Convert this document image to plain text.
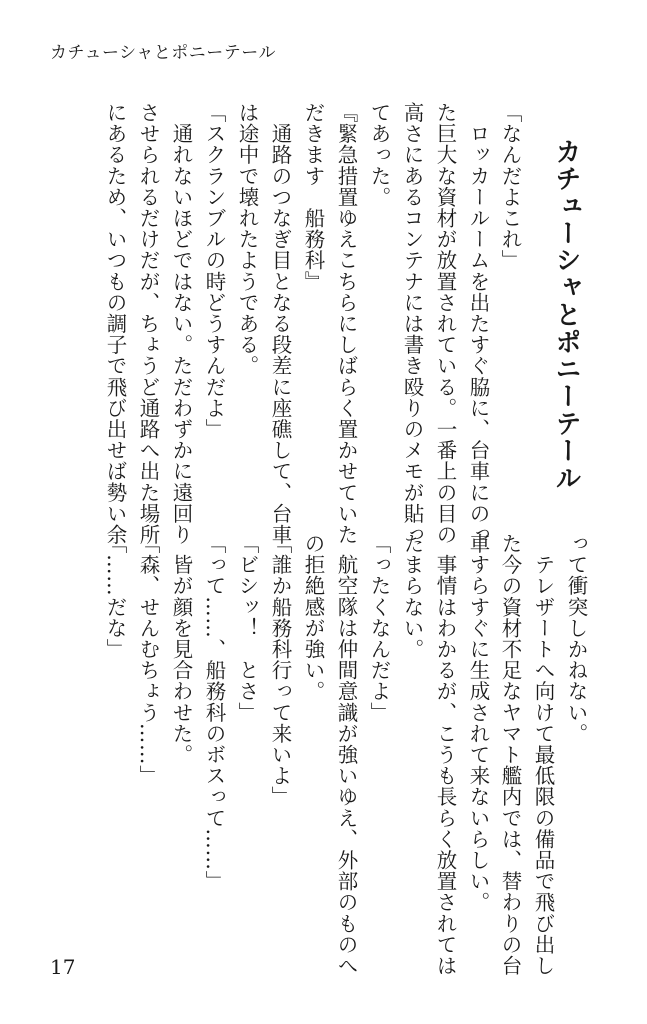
カチューシャとポニーテール
カチューシャとポニーテール
「なんだよこれ」
　ロッカールームを出たすぐ脇に、台車にのっ
た巨大な資材が放置されている。一番上の目の
高さにあるコンテナには書き殴りのメモが貼っ
てあった。
『緊急措置ゆえこちらにしばらく置かせていた
だきます　船務科』
　通路のつなぎ目となる段差に座礁して、台車
は途中で壊れたようである。
「スクランブルの時どうすんだよ」
　通れないほどではない。ただわずかに遠回り
させられるだけだが、ちょうど通路へ出た場所
にあるため、いつもの調子で飛び出せば勢い余
って衝突しかねない。
　テレザートへ向けて最低限の備品で飛び出し
た今の資材不足なヤマト艦内では、替わりの台
車すらすぐに生成されて来ないらしい。
　事情はわかるが、こうも長らく放置されては
たまらない。
「ったくなんだよ」
　航空隊は仲間意識が強いゆえ、外部のものへ
の拒絶感が強い。
「誰か船務科行って来いよ」
「ビシッ！　とさ」
「って……、船務科のボスって……」
　皆が顔を見合わせた。
「森、せんむちょう……」
「……だな」
17
